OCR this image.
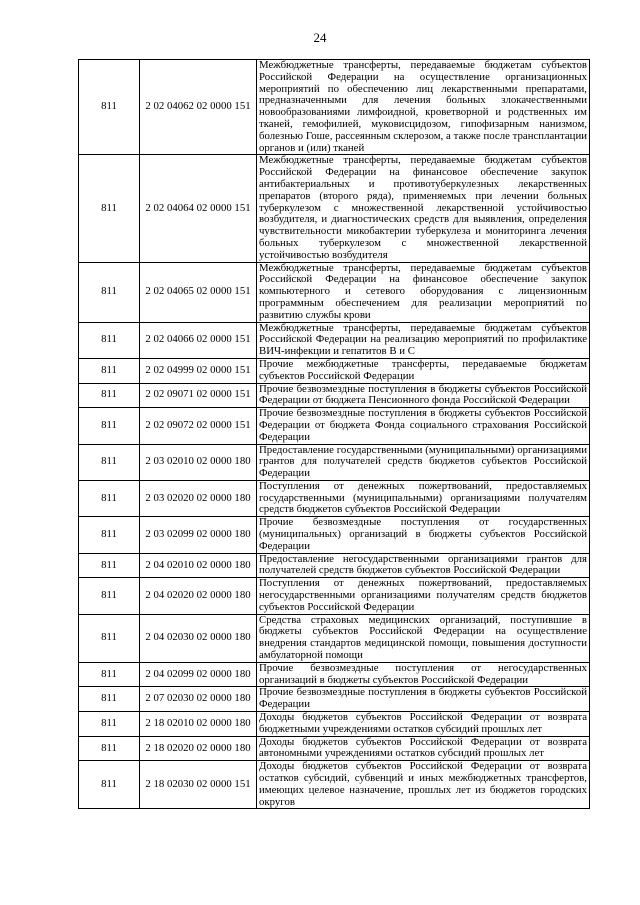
24
811	2 02 04062 02 0000 151	Межбюджетные трансферты, передаваемые бюджетам субъектов Российской Федерации на осуществление организационных мероприятий по обеспечению лиц лекарственными препаратами, предназначенными для лечения больных злокачественными новообразованиями лимфоидной, кроветворной и родственных им тканей, гемофилией, муковисцидозом, гипофизарным нанизмом, болезнью Гоше, рассеянным склерозом, а также после трансплантации органов и (или) тканей
811	2 02 04064 02 0000 151	Межбюджетные трансферты, передаваемые бюджетам субъектов Российской Федерации на финансовое обеспечение закупок антибактериальных и противотуберкулезных лекарственных препаратов (второго ряда), применяемых при лечении больных туберкулезом с множественной лекарственной устойчивостью возбудителя, и диагностических средств для выявления, определения чувствительности микобактерии туберкулеза и мониторинга лечения больных туберкулезом с множественной лекарственной устойчивостью возбудителя
811	2 02 04065 02 0000 151	Межбюджетные трансферты, передаваемые бюджетам субъектов Российской Федерации на финансовое обеспечение закупок компьютерного и сетевого оборудования с лицензионным программным обеспечением для реализации мероприятий по развитию службы крови
811	2 02 04066 02 0000 151	Межбюджетные трансферты, передаваемые бюджетам субъектов Российской Федерации на реализацию мероприятий по профилактике ВИЧ-инфекции и гепатитов В и С
811	2 02 04999 02 0000 151	Прочие межбюджетные трансферты, передаваемые бюджетам субъектов Российской Федерации
811	2 02 09071 02 0000 151	Прочие безвозмездные поступления в бюджеты субъектов Российской Федерации от бюджета Пенсионного фонда Российской Федерации
811	2 02 09072 02 0000 151	Прочие безвозмездные поступления в бюджеты субъектов Российской Федерации от бюджета Фонда социального страхования Российской Федерации
811	2 03 02010 02 0000 180	Предоставление государственными (муниципальными) организациями грантов для получателей средств бюджетов субъектов Российской Федерации
811	2 03 02020 02 0000 180	Поступления от денежных пожертвований, предоставляемых государственными (муниципальными) организациями получателям средств бюджетов субъектов Российской Федерации
811	2 03 02099 02 0000 180	Прочие безвозмездные поступления от государственных (муниципальных) организаций в бюджеты субъектов Российской Федерации
811	2 04 02010 02 0000 180	Предоставление негосударственными организациями грантов для получателей средств бюджетов субъектов Российской Федерации
811	2 04 02020 02 0000 180	Поступления от денежных пожертвований, предоставляемых негосударственными организациями получателям средств бюджетов субъектов Российской Федерации
811	2 04 02030 02 0000 180	Средства страховых медицинских организаций, поступившие в бюджеты субъектов Российской Федерации на осуществление внедрения стандартов медицинской помощи, повышения доступности амбулаторной помощи
811	2 04 02099 02 0000 180	Прочие безвозмездные поступления от негосударственных организаций в бюджеты субъектов Российской Федерации
811	2 07 02030 02 0000 180	Прочие безвозмездные поступления в бюджеты субъектов Российской Федерации
811	2 18 02010 02 0000 180	Доходы бюджетов субъектов Российской Федерации от возврата бюджетными учреждениями остатков субсидий прошлых лет
811	2 18 02020 02 0000 180	Доходы бюджетов субъектов Российской Федерации от возврата автономными учреждениями остатков субсидий прошлых лет
811	2 18 02030 02 0000 151	Доходы бюджетов субъектов Российской Федерации от возврата остатков субсидий, субвенций и иных межбюджетных трансфертов, имеющих целевое назначение, прошлых лет из бюджетов городских округов
